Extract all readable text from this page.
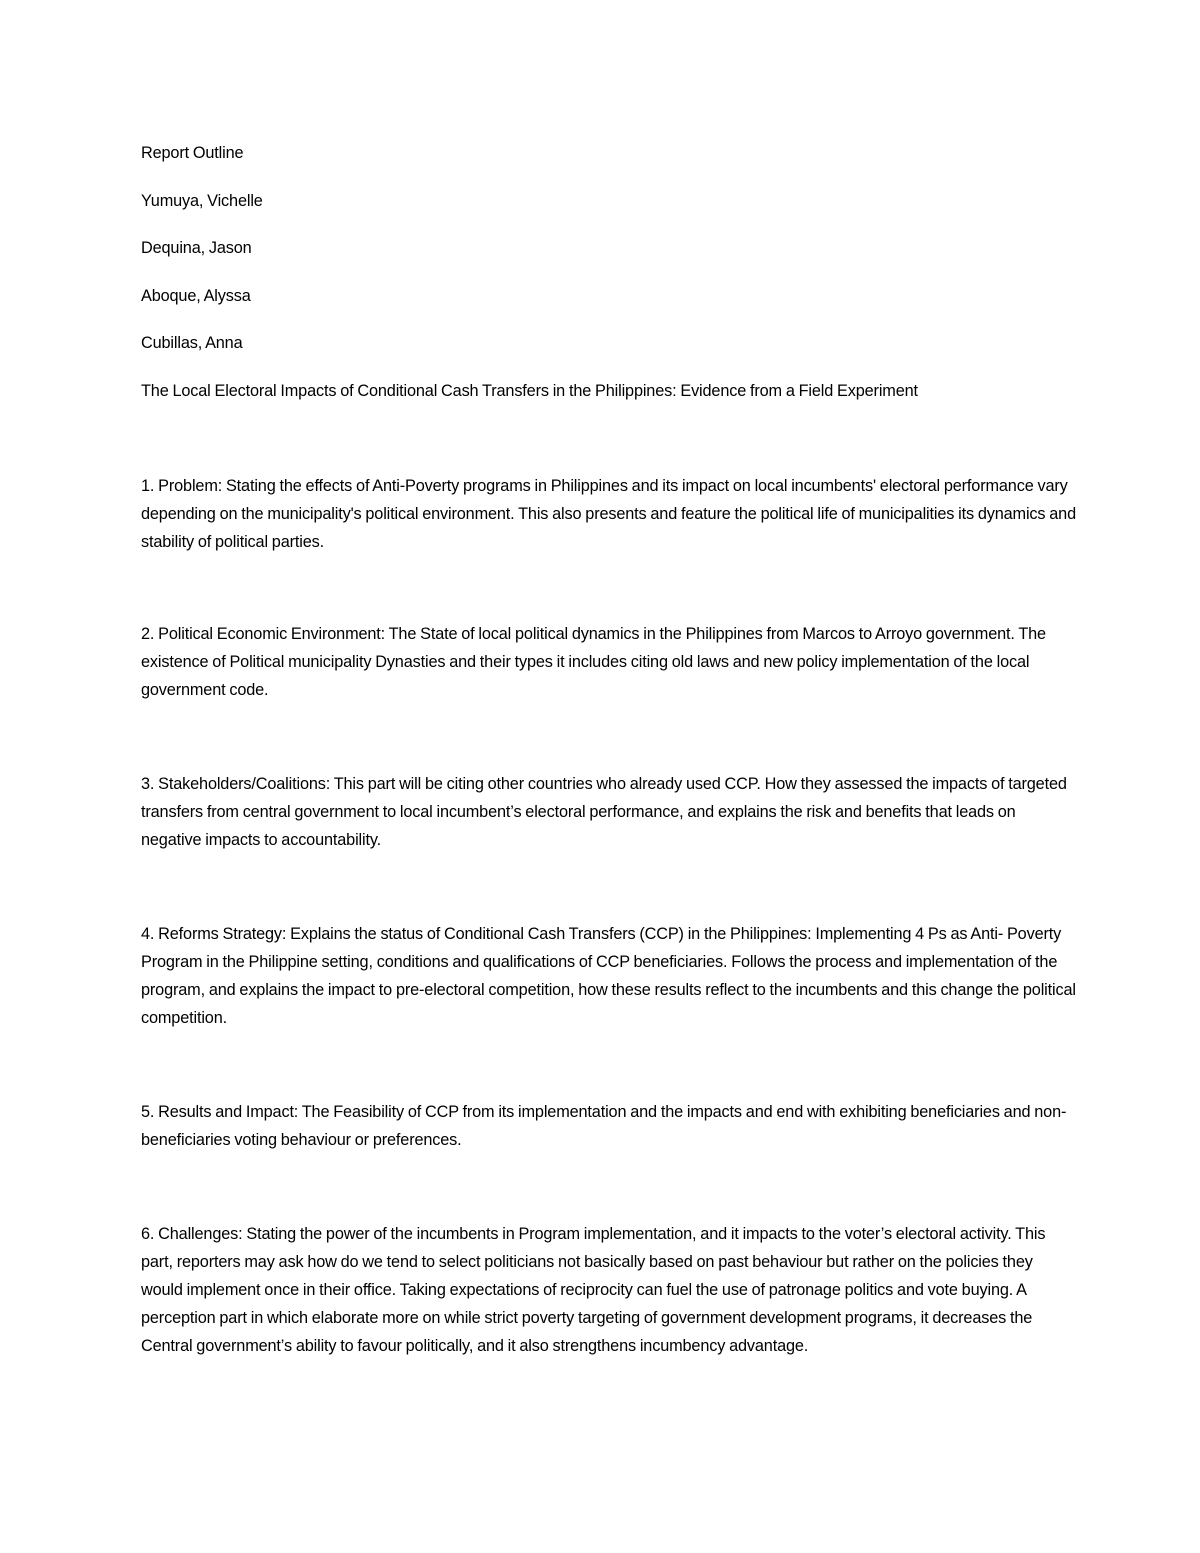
Report Outline

Yumuya, Vichelle

Dequina, Jason

Aboque, Alyssa

Cubillas, Anna

The Local Electoral Impacts of Conditional Cash Transfers in the Philippines: Evidence from a Field Experiment

1. Problem: Stating the effects of Anti-Poverty programs in Philippines and its impact on local incumbents' electoral performance vary depending on the municipality's political environment. This also presents and feature the political life of municipalities its dynamics and stability of political parties.

2. Political Economic Environment: The State of local political dynamics in the Philippines from Marcos to Arroyo government. The existence of Political municipality Dynasties and their types it includes citing old laws and new policy implementation of the local government code.

3. Stakeholders/Coalitions: This part will be citing other countries who already used CCP. How they assessed the impacts of targeted transfers from central government to local incumbent’s electoral performance, and explains the risk and benefits that leads on negative impacts to accountability.

4. Reforms Strategy: Explains the status of Conditional Cash Transfers (CCP) in the Philippines: Implementing 4 Ps as Anti- Poverty Program in the Philippine setting, conditions and qualifications of CCP beneficiaries. Follows the process and implementation of the program, and explains the impact to pre-electoral competition, how these results reflect to the incumbents and this change the political competition.

5. Results and Impact: The Feasibility of CCP from its implementation and the impacts and end with exhibiting beneficiaries and non-beneficiaries voting behaviour or preferences.

6. Challenges: Stating the power of the incumbents in Program implementation, and it impacts to the voter’s electoral activity. This part, reporters may ask how do we tend to select politicians not basically based on past behaviour but rather on the policies they would implement once in their office. Taking expectations of reciprocity can fuel the use of patronage politics and vote buying. A perception part in which elaborate more on while strict poverty targeting of government development programs, it decreases the Central government’s ability to favour politically, and it also strengthens incumbency advantage.
